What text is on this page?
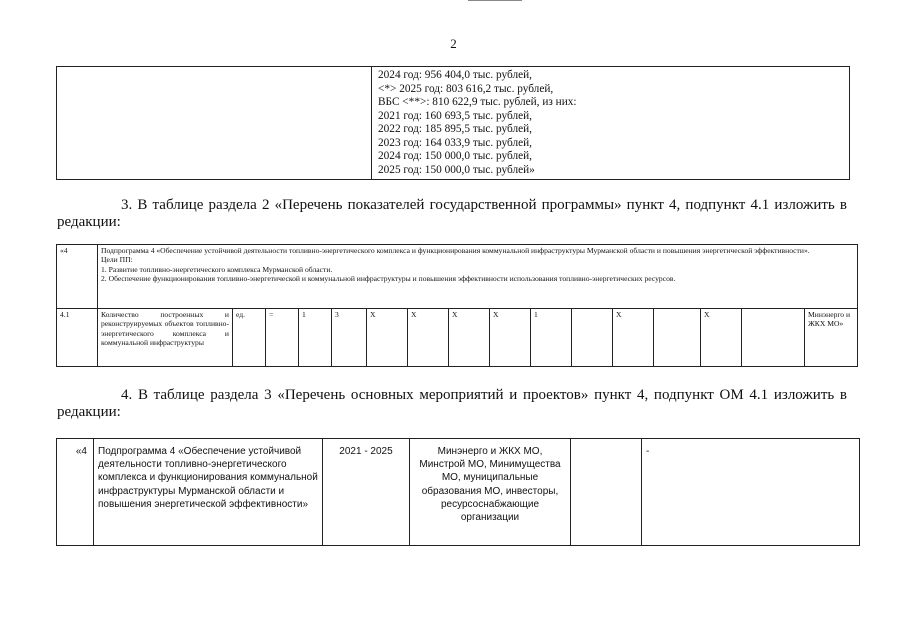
2

2024 год: 956 404,0 тыс. рублей,
<*> 2025 год: 803 616,2 тыс. рублей,
ВБС <**>: 810 622,9 тыс. рублей, из них:
2021 год: 160 693,5 тыс. рублей,
2022 год: 185 895,5 тыс. рублей,
2023 год: 164 033,9 тыс. рублей,
2024 год: 150 000,0 тыс. рублей,
2025 год: 150 000,0 тыс. рублей»
3. В таблице раздела 2 «Перечень показателей государственной программы» пункт 4, подпункт 4.1 изложить в
редакции:
«4	Подпрограмма 4 «Обеспечение устойчивой деятельности топливно-энергетического комплекса и функционирования коммунальной инфраструктуры Мурманской области и повышения энергетической эффективности».

Цели ПП:

1. Развитие топливно-энергетического комплекса Мурманской области.

2. Обеспечение функционирования топливно-энергетической и коммунальной инфраструктуры и повышения эффективности использования топливно-энергетических ресурсов.															

4.1	Количество построенных и реконструируемых объектов топливно-энергетического комплекса и коммунальной инфраструктуры	ед.	=	1	3	X	X	X	X	1		X		X		Минэнерго и ЖКХ МО»
4. В таблице раздела 3 «Перечень основных мероприятий и проектов» пункт 4, подпункт ОМ 4.1 изложить в
редакции:
«4	Подпрограмма 4 «Обеспечение устойчивой деятельности топливно-энергетического комплекса и функционирования коммунальной инфраструктуры Мурманской области и повышения энергетической эффективности»	2021 - 2025	Минэнерго и ЖКХ МО, Минстрой МО, Минимущества МО, муниципальные образования МО, инвесторы, ресурсоснабжающие организации		-
